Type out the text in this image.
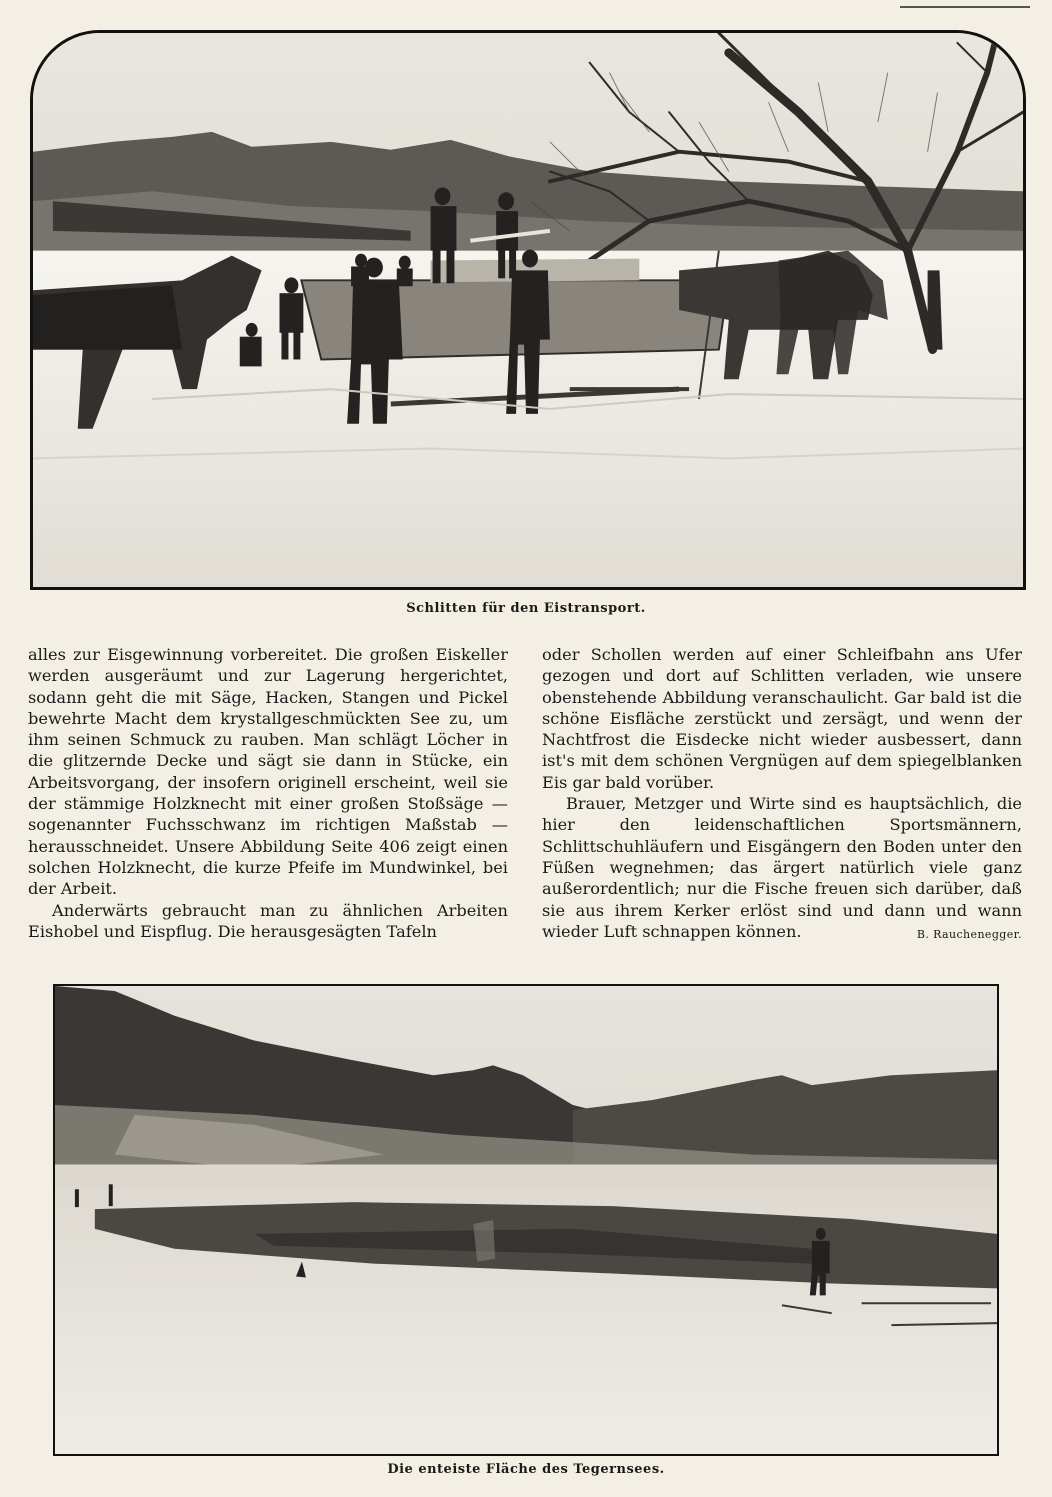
Schlitten für den Eistransport.

alles zur Eisgewinnung vorbereitet. Die großen Eiskeller werden ausgeräumt und zur Lagerung hergerichtet, sodann geht die mit Säge, Hacken, Stangen und Pickel bewehrte Macht dem krystallgeschmückten See zu, um ihm seinen Schmuck zu rauben. Man schlägt Löcher in die glitzernde Decke und sägt sie dann in Stücke, ein Arbeitsvorgang, der insofern originell erscheint, weil sie der stämmige Holzknecht mit einer großen Stoßsäge — sogenannter Fuchsschwanz im richtigen Maßstab — herausschneidet. Unsere Abbildung Seite 406 zeigt einen solchen Holzknecht, die kurze Pfeife im Mundwinkel, bei der Arbeit.

Anderwärts gebraucht man zu ähnlichen Arbeiten Eishobel und Eispflug. Die herausgesägten Tafeln

oder Schollen werden auf einer Schleifbahn ans Ufer gezogen und dort auf Schlitten verladen, wie unsere obenstehende Abbildung veranschaulicht. Gar bald ist die schöne Eisfläche zerstückt und zersägt, und wenn der Nachtfrost die Eisdecke nicht wieder ausbessert, dann ist's mit dem schönen Vergnügen auf dem spiegelblanken Eis gar bald vorüber.

Brauer, Metzger und Wirte sind es hauptsächlich, die hier den leidenschaftlichen Sportsmännern, Schlittschuhläufern und Eisgängern den Boden unter den Füßen wegnehmen; das ärgert natürlich viele ganz außerordentlich; nur die Fische freuen sich darüber, daß sie aus ihrem Kerker erlöst sind und dann und wann wieder Luft schnappen können.	B. Rauchenegger.
Die enteiste Fläche des Tegernsees.
